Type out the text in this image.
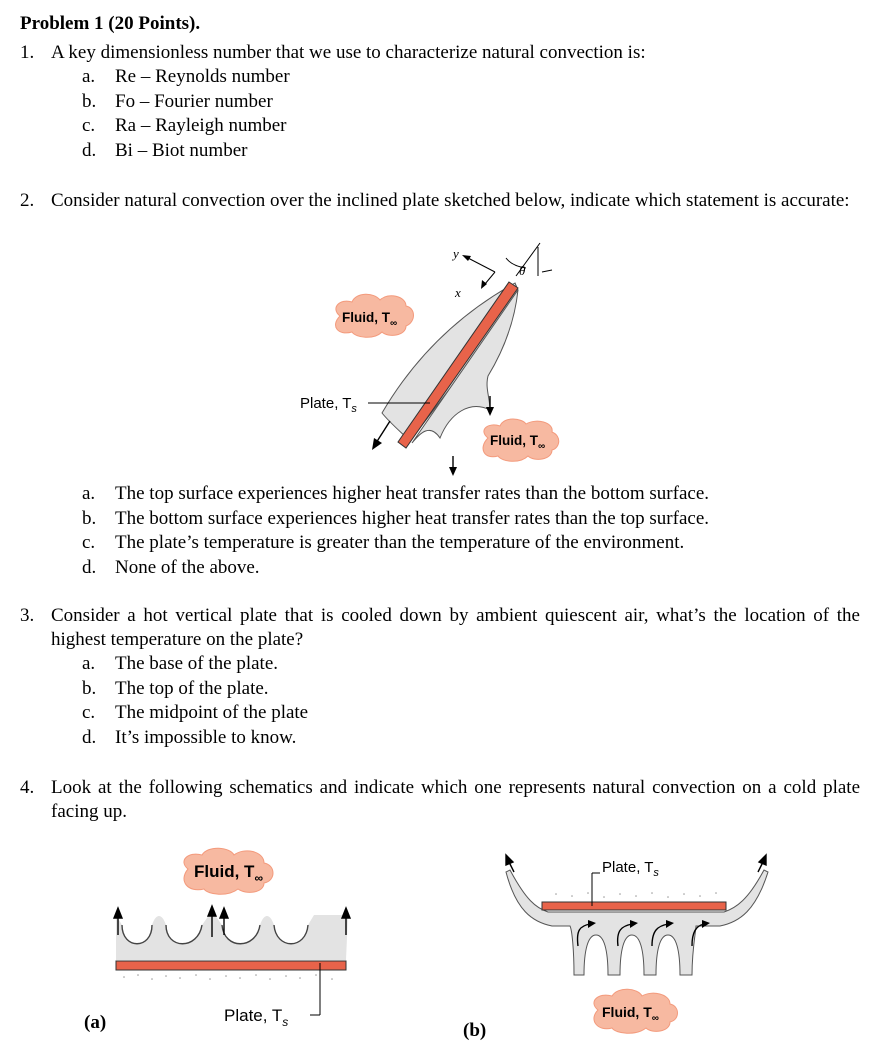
Problem 1 (20 Points).
1. A key dimensionless number that we use to characterize natural convection is:
a. Re – Reynolds number
b. Fo – Fourier number
c. Ra – Rayleigh number
d. Bi – Biot number
2. Consider natural convection over the inclined plate sketched below, indicate which statement is accurate:
y
x
θ
Fluid, $T_\infty$
Fluid, $T_\infty$
Plate, $T_s$
a. The top surface experiences higher heat transfer rates than the bottom surface.
b. The bottom surface experiences higher heat transfer rates than the top surface.
c. The plate’s temperature is greater than the temperature of the environment.
d. None of the above.
3. Consider a hot vertical plate that is cooled down by ambient quiescent air, what’s the location of the highest temperature on the plate?
a. The base of the plate.
b. The top of the plate.
c. The midpoint of the plate
d. It’s impossible to know.
4. Look at the following schematics and indicate which one represents natural convection on a cold plate facing up.
Fluid, $T_\infty$
Plate, $T_s$
(a)
Plate, $T_s$
Fluid, $T_\infty$
(b)
